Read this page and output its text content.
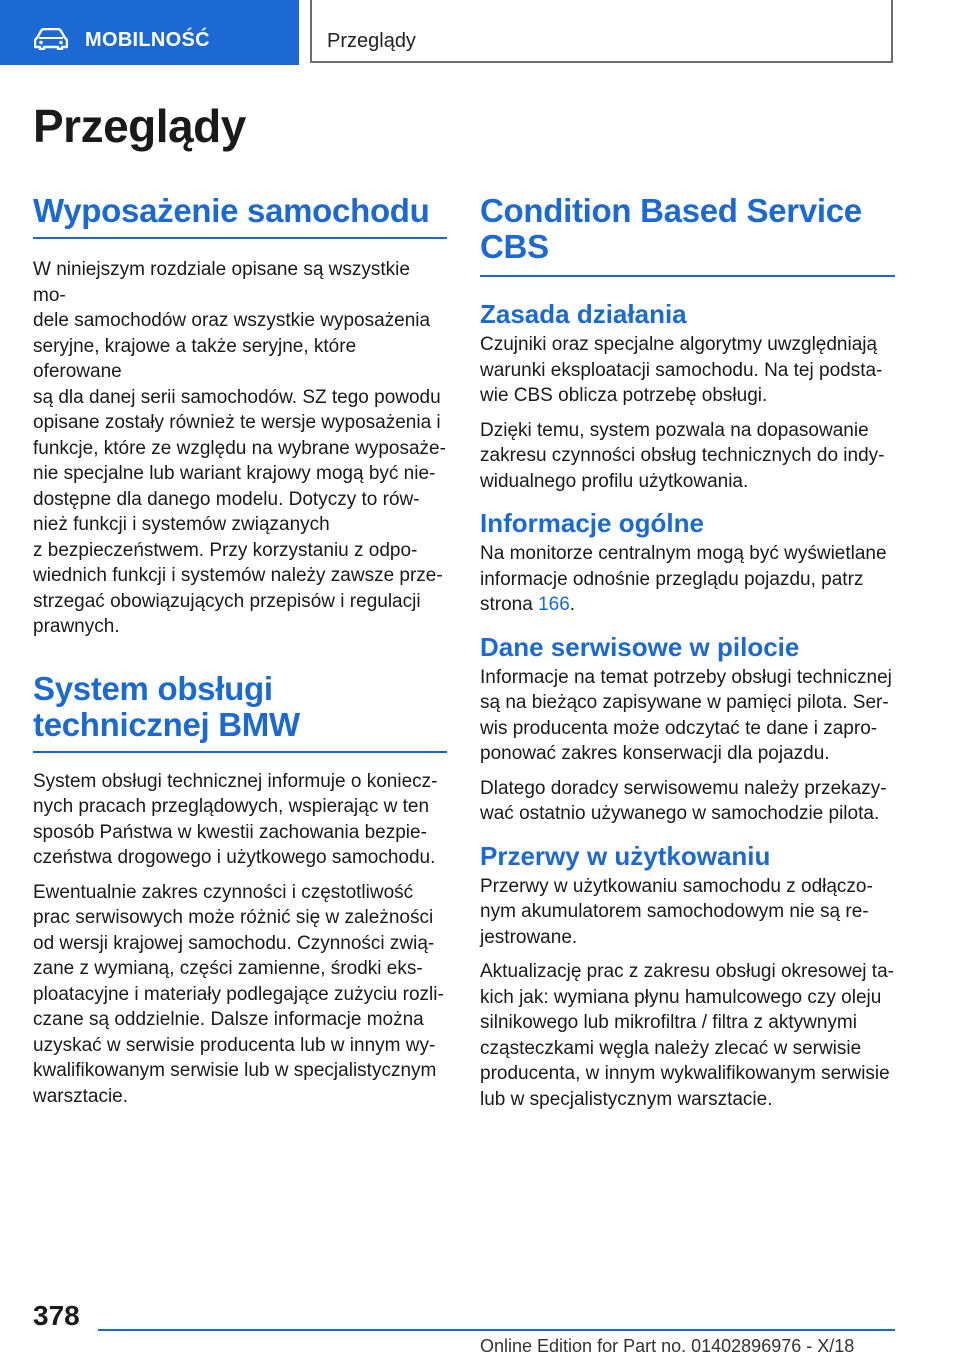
MOBILNOŚĆ	Przeglądy
Przeglądy
Wyposażenie samochodu

W niniejszym rozdziale opisane są wszystkie mo-
dele samochodów oraz wszystkie wyposażenia
seryjne, krajowe a także seryjne, które oferowane
są dla danej serii samochodów. SZ tego powodu
opisane zostały również te wersje wyposażenia i
funkcje, które ze względu na wybrane wyposaże-
nie specjalne lub wariant krajowy mogą być nie-
dostępne dla danego modelu. Dotyczy to rów-
nież funkcji i systemów związanych
z bezpieczeństwem. Przy korzystaniu z odpo-
wiednich funkcji i systemów należy zawsze prze-
strzegać obowiązujących przepisów i regulacji
prawnych.

System obsługi
technicznej BMW

System obsługi technicznej informuje o koniecz-
nych pracach przeglądowych, wspierając w ten
sposób Państwa w kwestii zachowania bezpie-
czeństwa drogowego i użytkowego samochodu.

Ewentualnie zakres czynności i częstotliwość
prac serwisowych może różnić się w zależności
od wersji krajowej samochodu. Czynności zwią-
zane z wymianą, części zamienne, środki eks-
ploatacyjne i materiały podlegające zużyciu rozli-
czane są oddzielnie. Dalsze informacje można
uzyskać w serwisie producenta lub w innym wy-
kwalifikowanym serwisie lub w specjalistycznym
warsztacie.

Condition Based Service
CBS
Zasada działania

Czujniki oraz specjalne algorytmy uwzględniają
warunki eksploatacji samochodu. Na tej podsta-
wie CBS oblicza potrzebę obsługi.

Dzięki temu, system pozwala na dopasowanie
zakresu czynności obsług technicznych do indy-
widualnego profilu użytkowania.

Informacje ogólne

Na monitorze centralnym mogą być wyświetlane
informacje odnośnie przeglądu pojazdu, patrz
strona 166.

Dane serwisowe w pilocie

Informacje na temat potrzeby obsługi technicznej
są na bieżąco zapisywane w pamięci pilota. Ser-
wis producenta może odczytać te dane i zapro-
ponować zakres konserwacji dla pojazdu.

Dlatego doradcy serwisowemu należy przekazy-
wać ostatnio używanego w samochodzie pilota.

Przerwy w użytkowaniu

Przerwy w użytkowaniu samochodu z odłączo-
nym akumulatorem samochodowym nie są re-
jestrowane.

Aktualizację prac z zakresu obsługi okresowej ta-
kich jak: wymiana płynu hamulcowego czy oleju
silnikowego lub mikrofiltra / filtra z aktywnymi
cząsteczkami węgla należy zlecać w serwisie
producenta, w innym wykwalifikowanym serwisie
lub w specjalistycznym warsztacie.

378
Online Edition for Part no. 01402896976 - X/18
